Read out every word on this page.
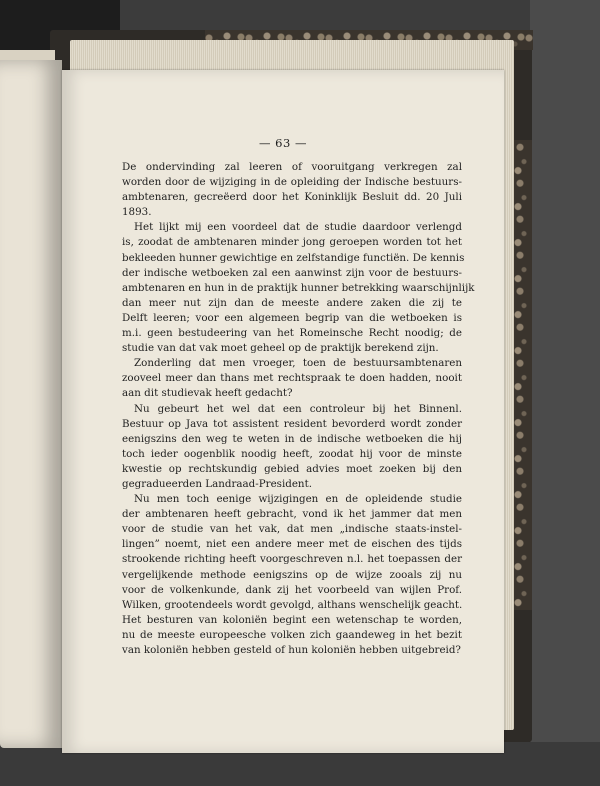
— 63 —

De ondervinding zal leeren of vooruitgang verkregen zal
worden door de wijziging in de opleiding der Indische bestuurs-
ambtenaren, gecreëerd door het Koninklijk Besluit dd. 20 Juli
1893.

Het lijkt mij een voordeel dat de studie daardoor verlengd
is, zoodat de ambtenaren minder jong geroepen worden tot het
bekleeden hunner gewichtige en zelfstandige functiën. De kennis
der indische wetboeken zal een aanwinst zijn voor de bestuurs-
ambtenaren en hun in de praktijk hunner betrekking waarschijnlijk
dan meer nut zijn dan de meeste andere zaken die zij te
Delft leeren; voor een algemeen begrip van die wetboeken is
m.i. geen bestudeering van het Romeinsche Recht noodig; de
studie van dat vak moet geheel op de praktijk berekend zijn.

Zonderling dat men vroeger, toen de bestuursambtenaren
zooveel meer dan thans met rechtspraak te doen hadden, nooit
aan dit studievak heeft gedacht?

Nu gebeurt het wel dat een controleur bij het Binnenl.
Bestuur op Java tot assistent resident bevorderd wordt zonder
eenigszins den weg te weten in de indische wetboeken die hij
toch ieder oogenblik noodig heeft, zoodat hij voor de minste
kwestie op rechtskundig gebied advies moet zoeken bij den
gegradueerden Landraad-President.

Nu men toch eenige wijzigingen en de opleidende studie
der ambtenaren heeft gebracht, vond ik het jammer dat men
voor de studie van het vak, dat men „indische staats-instel-
lingen” noemt, niet een andere meer met de eischen des tijds
strookende richting heeft voorgeschreven n.l. het toepassen der
vergelijkende methode eenigszins op de wijze zooals zij nu
voor de volkenkunde, dank zij het voorbeeld van wijlen Prof.
Wilken, grootendeels wordt gevolgd, althans wenschelijk geacht.
Het besturen van koloniën begint een wetenschap te worden,
nu de meeste europeesche volken zich gaandeweg in het bezit
van koloniën hebben gesteld of hun koloniën hebben uitgebreid?
